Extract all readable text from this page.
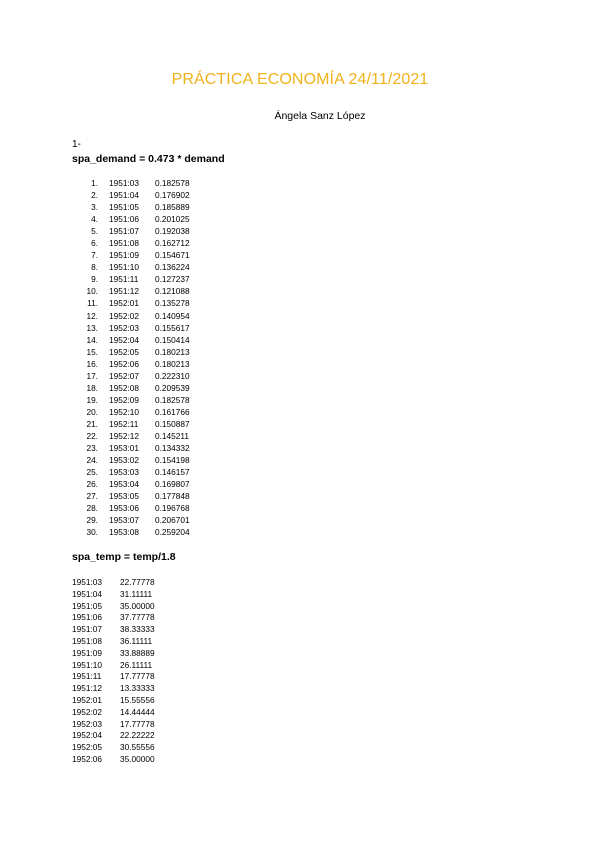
PRÁCTICA ECONOMÍA 24/11/2021
Ángela Sanz López
1-
spa_demand = 0.473 * demand
1.	1951:03	0.182578
2.	1951:04	0.176902
3.	1951:05	0.185889
4.	1951:06	0.201025
5.	1951:07	0.192038
6.	1951:08	0.162712
7.	1951:09	0.154671
8.	1951:10	0.136224
9.	1951:11	0.127237
10.	1951:12	0.121088
11.	1952:01	0.135278
12.	1952:02	0.140954
13.	1952:03	0.155617
14.	1952:04	0.150414
15.	1952:05	0.180213
16.	1952:06	0.180213
17.	1952:07	0.222310
18.	1952:08	0.209539
19.	1952:09	0.182578
20.	1952:10	0.161766
21.	1952:11	0.150887
22.	1952:12	0.145211
23.	1953:01	0.134332
24.	1953:02	0.154198
25.	1953:03	0.146157
26.	1953:04	0.169807
27.	1953:05	0.177848
28.	1953:06	0.196768
29.	1953:07	0.206701
30.	1953:08	0.259204
spa_temp = temp/1.8
1951:03	22.77778
1951:04	31.11111
1951:05	35.00000
1951:06	37.77778
1951:07	38.33333
1951:08	36.11111
1951:09	33.88889
1951:10	26.11111
1951:11	17.77778
1951:12	13.33333
1952:01	15.55556
1952:02	14.44444
1952:03	17.77778
1952:04	22.22222
1952:05	30.55556
1952:06	35.00000
